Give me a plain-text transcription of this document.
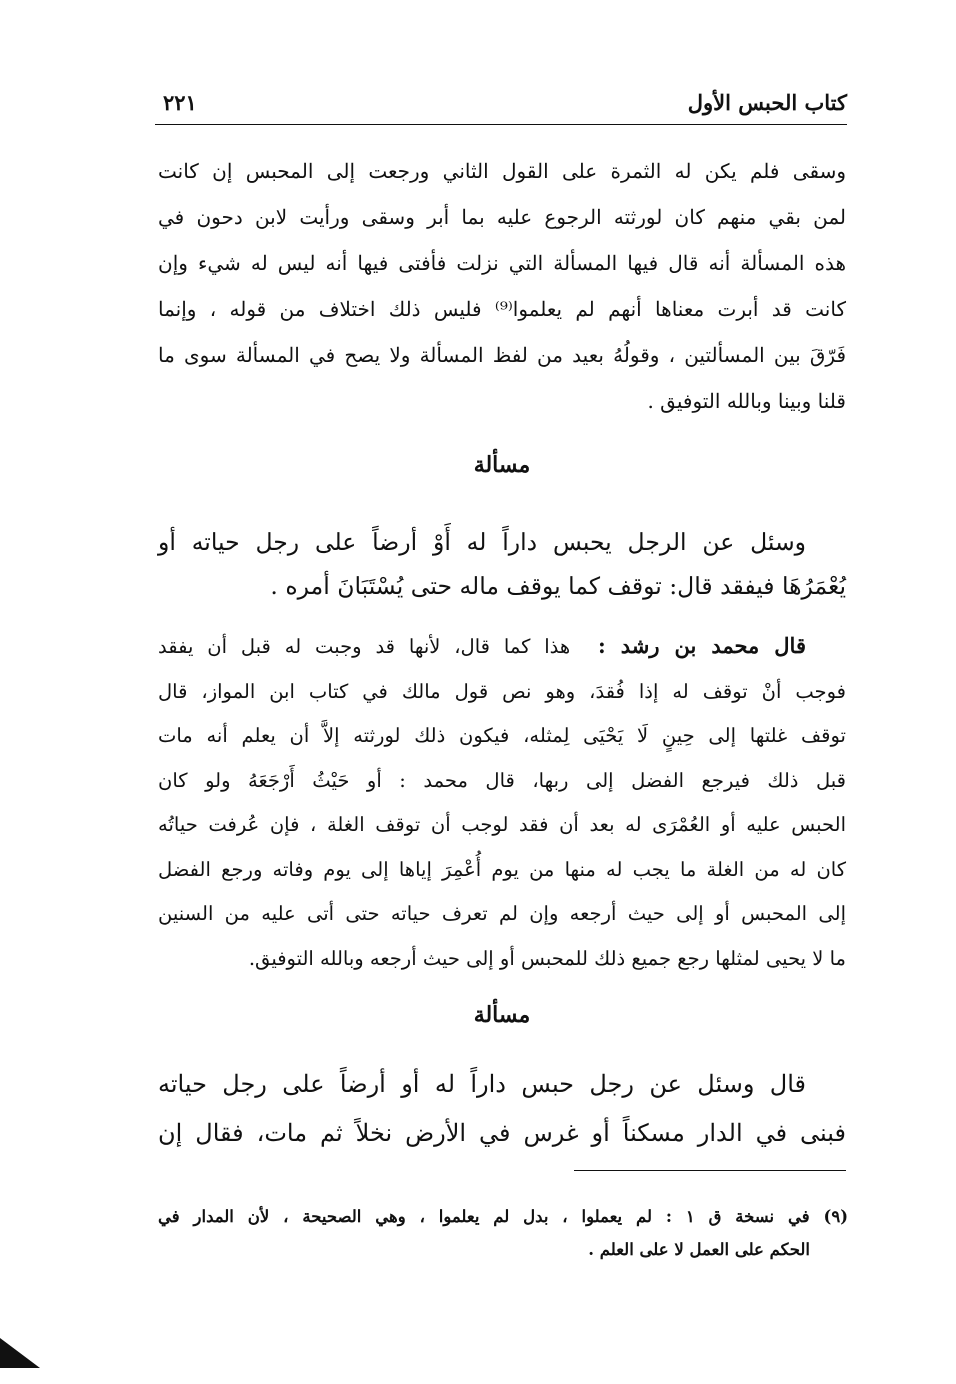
كتاب الحبس الأول
٢٢١
وسقى فلم يكن له الثمرة على القول الثاني ورجعت إلى المحبس إن كانت
لمن بقي منهم كان لورثته الرجوع عليه بما أبر وسقى ورأيت لابن دحون في
هذه المسألة أنه قال فيها المسألة التي نزلت فأفتى فيها أنه ليس له شيء وإن
كانت قد أبرت معناها أنهم لم يعلموا⁽⁹⁾ فليس ذلك اختلاف من قوله ، وإنما
فَرّقَ بين المسألتين ، وقولُهُ بعيد من لفظ المسألة ولا يصح في المسألة سوى ما
قلنا وبينا وبالله التوفيق .
مسألة
وسئل عن الرجل يحبس داراً له أَوْ أرضاً على رجل حياته أو
يُعْمَرُهَا فيفقد قال: توقف كما يوقف ماله حتى يُسْتَبَانَ أمره .
قال محمد بن رشد :  هذا كما قال، لأنها قد وجبت له قبل أن يفقد
فوجب أنْ توقف له إذا فُقدَ، وهو نص قول مالك في كتاب ابن المواز، قال
توقف غلتها إلى حِينٍ لَا يَحْيَى لِمثله، فيكون ذلك لورثته إلاَّ أن يعلم أنه مات
قبل ذلك فيرجع الفضل إلى ربها، قال محمد : أو حَيْثُ أَرْجَعَهُ ولو كان
الحبس عليه أو العُمْرَى له بعد أن فقد لوجب أن توقف الغلة ، فإن عُرفت حياتُه
كان له من الغلة ما يجب له منها من يوم أُعْمِرَ إياها إلى يوم وفاته ورجع الفضل
إلى المحبس أو إلى حيث أرجعه وإن لم تعرف حياته حتى أتى عليه من السنين
ما لا يحيى لمثلها رجع جميع ذلك للمحبس أو إلى حيث أرجعه وبالله التوفيق.
مسألة
قال وسئل عن رجل حبس داراً له أو أرضاً على رجل حياته
فبنى في الدار مسكناً أو غرس في الأرض نخلاً ثم مات، فقال إن
(٩) في نسخة ق ١ : لم يعملوا ، بدل لم يعلموا ، وهي الصحيحة ، لأن المدار في
الحكم على العمل لا على العلم .
